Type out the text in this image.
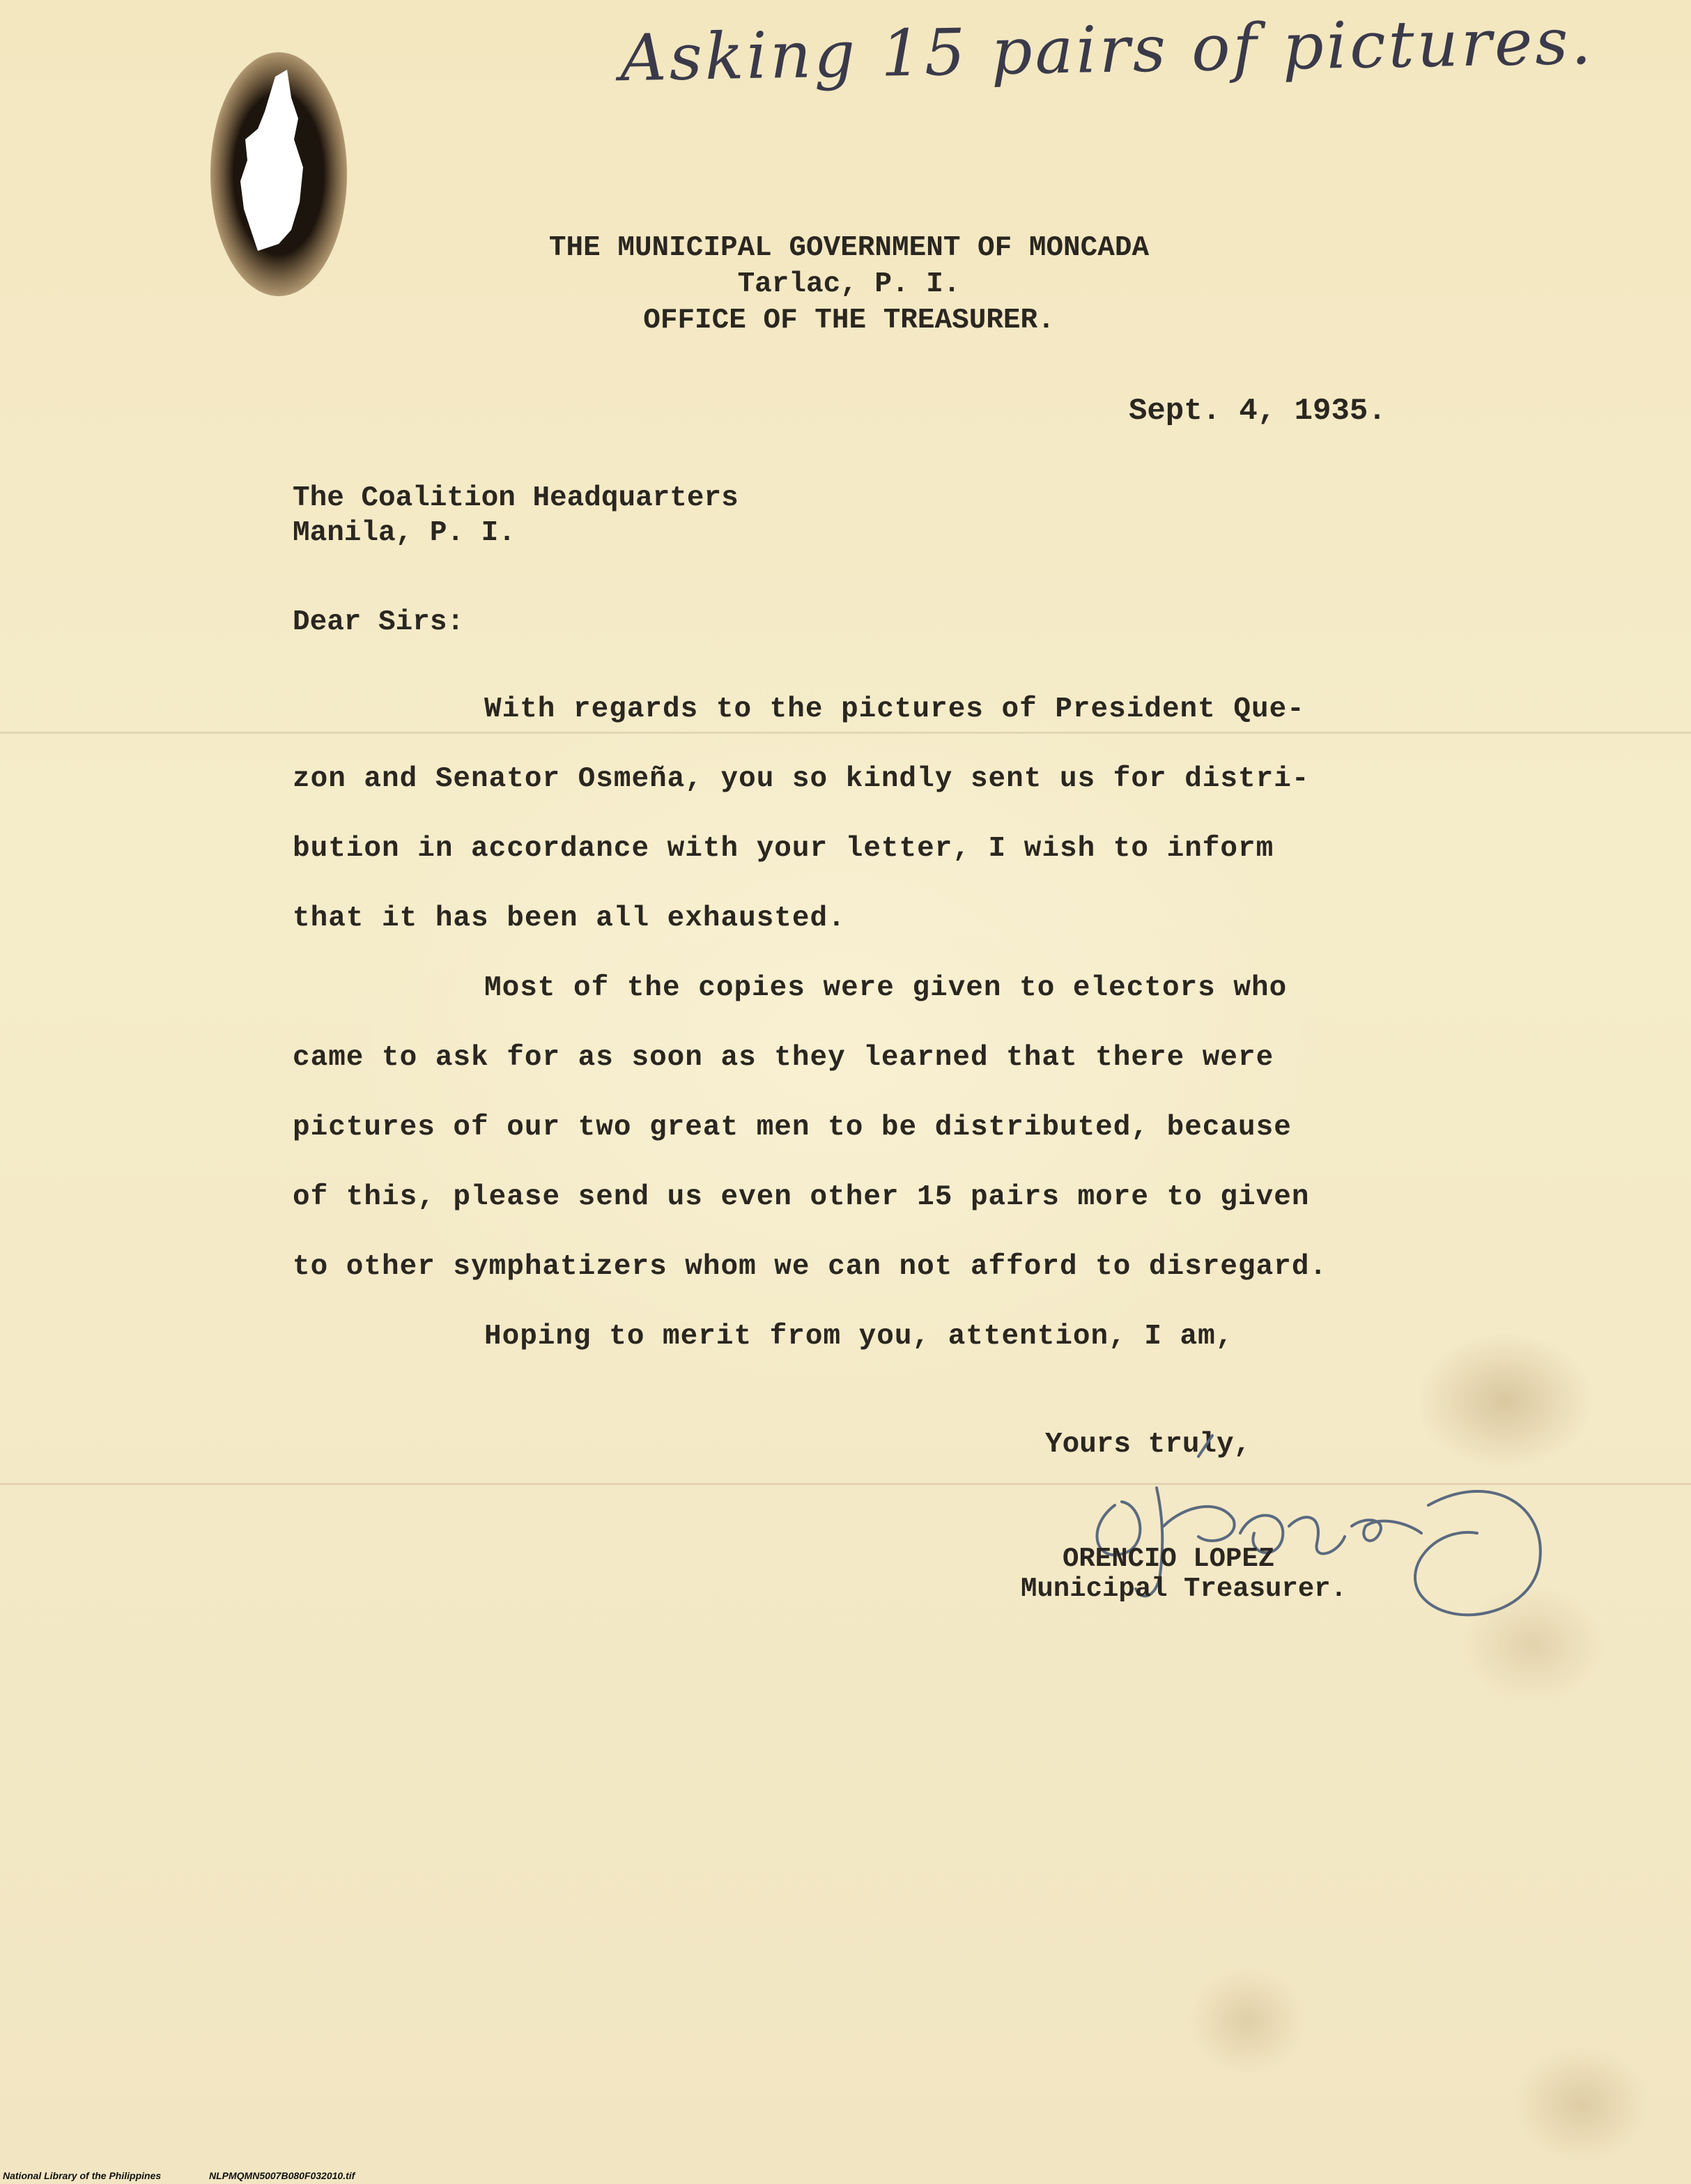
Asking 15 pairs of pictures.
THE MUNICIPAL GOVERNMENT OF MONCADA
Tarlac, P. I.
OFFICE OF THE TREASURER.
Sept. 4, 1935.
The Coalition Headquarters
Manila, P. I.
Dear Sirs:
With regards to the pictures of President Que-
zon and Senator Osmeña, you so kindly sent us for distri-
bution in accordance with your letter, I wish to inform
that it has been all exhausted.
Most of the copies were given to electors who
came to ask for as soon as they learned that there were
pictures of our two great men to be distributed, because
of this, please send us even other 15 pairs more to given
to other symphatizers whom we can not afford to disregard.
Hoping to merit from you, attention, I am,
Yours truly,
ORENCIO LOPEZ
Municipal Treasurer.
National Library of the Philippines	NLPMQMN5007B080F032010.tif
